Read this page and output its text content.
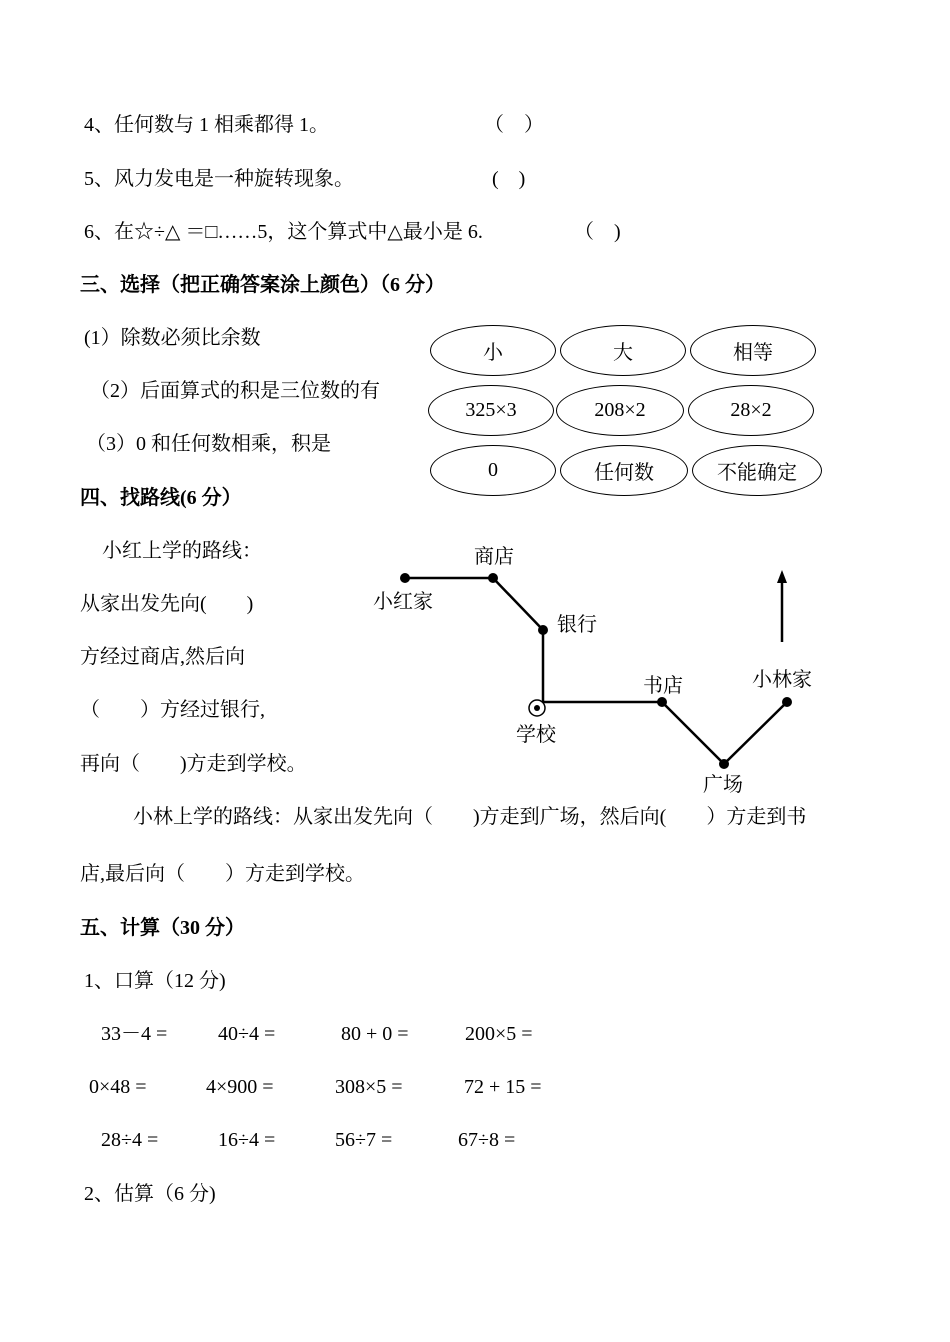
4、任何数与 1 相乘都得 1。	（　）
5、风力发电是一种旋转现象。	(　)
6、在☆÷△ ＝□……5，这个算式中△最小是 6.	（　)
三、选择（把正确答案涂上颜色）（6 分）
(1）除数必须比余数
（2）后面算式的积是三位数的有
（3）0 和任何数相乘，积是
小	大	相等
325×3	208×2	28×2
0	任何数	不能确定
四、找路线(6 分）
小红上学的路线：
从家出发先向(　　)
方经过商店,然后向
（　　）方经过银行,
再向（　　)方走到学校。
小红家
商店
银行
学校
书店
广场
小林家
小林上学的路线：从家出发先向（　　)方走到广场，然后向(　　）方走到书
店,最后向（　　）方走到学校。
五、计算（30 分）
1、口算（12 分)
33－4 =	40÷4 =	80 + 0 =	200×5 =
0×48 =	4×900 =	308×5 =	72 + 15 =
28÷4 =	16÷4 =	56÷7 =	67÷8 =
2、估算（6 分)
